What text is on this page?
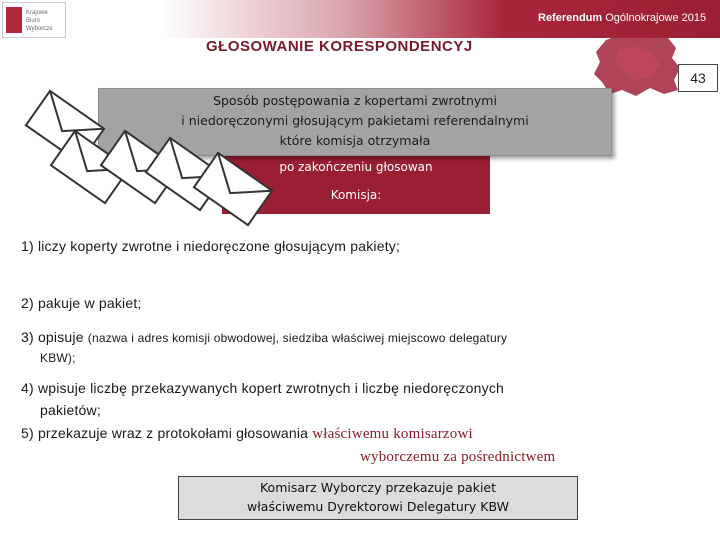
Krajowe
Biuro
Wyborcze
Referendum Ogólnokrajowe 2015
GŁOSOWANIE KORESPONDENCYJ
43
po zakończeniu głosowan
Komisja:
Sposób postępowania z kopertami zwrotnymi
i niedoręczonymi głosującym pakietami referendalnymi
które komisja otrzymała
1) liczy koperty zwrotne i niedoręczone głosującym pakiety;
2) pakuje w pakiet;
3) opisuje (nazwa i adres komisji obwodowej, siedziba właściwej miejscowo delegatury
KBW);
4) wpisuje liczbę przekazywanych kopert zwrotnych i liczbę niedoręczonych
pakietów;
5) przekazuje wraz z protokołami głosowania właściwemu komisarzowi
wyborczemu za pośrednictwem
Komisarz Wyborczy przekazuje pakiet
właściwemu Dyrektorowi Delegatury KBW
